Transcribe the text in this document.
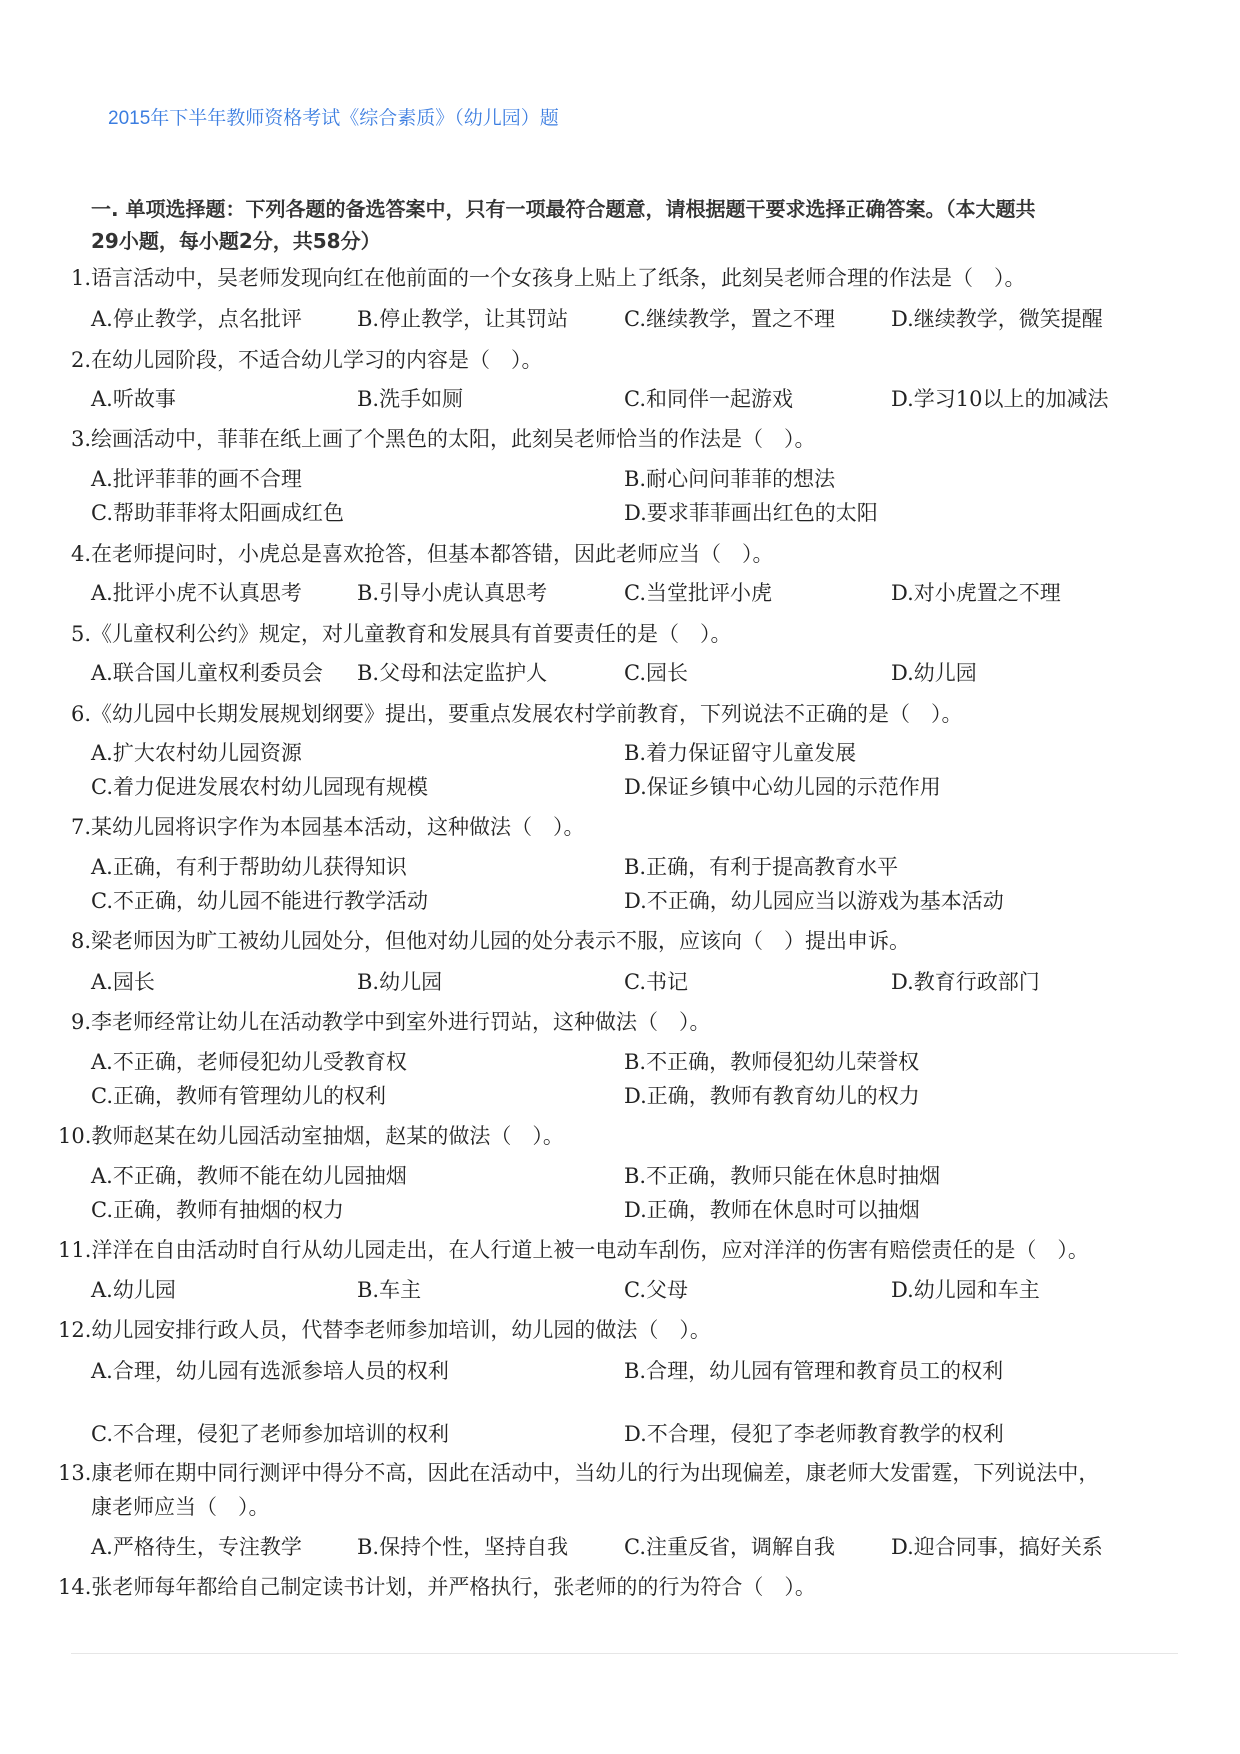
2015年下半年教师资格考试《综合素质》（幼儿园）题
一. 单项选择题：下列各题的备选答案中，只有一项最符合题意，请根据题干要求选择正确答案。（本大题共
29小题，每小题2分，共58分）
1.语言活动中，吴老师发现向红在他前面的一个女孩身上贴上了纸条，此刻吴老师合理的作法是（　）。
A.停止教学，点名批评	B.停止教学，让其罚站	C.继续教学，置之不理	D.继续教学，微笑提醒
2.在幼儿园阶段，不适合幼儿学习的内容是（　）。
A.听故事	B.洗手如厕	C.和同伴一起游戏	D.学习10以上的加减法
3.绘画活动中，菲菲在纸上画了个黑色的太阳，此刻吴老师恰当的作法是（　）。
A.批评菲菲的画不合理	B.耐心问问菲菲的想法
C.帮助菲菲将太阳画成红色	D.要求菲菲画出红色的太阳
4.在老师提问时，小虎总是喜欢抢答，但基本都答错，因此老师应当（　）。
A.批评小虎不认真思考	B.引导小虎认真思考	C.当堂批评小虎	D.对小虎置之不理
5.《儿童权利公约》规定，对儿童教育和发展具有首要责任的是（　）。
A.联合国儿童权利委员会 B.父母和法定监护人	C.园长	D.幼儿园
6.《幼儿园中长期发展规划纲要》提出，要重点发展农村学前教育，下列说法不正确的是（　）。
A.扩大农村幼儿园资源	B.着力保证留守儿童发展
C.着力促进发展农村幼儿园现有规模	D.保证乡镇中心幼儿园的示范作用
7.某幼儿园将识字作为本园基本活动，这种做法（　）。
A.正确，有利于帮助幼儿获得知识	B.正确，有利于提高教育水平
C.不正确，幼儿园不能进行教学活动	D.不正确，幼儿园应当以游戏为基本活动
8.梁老师因为旷工被幼儿园处分，但他对幼儿园的处分表示不服，应该向（　）提出申诉。
A.园长	B.幼儿园	C.书记	D.教育行政部门
9.李老师经常让幼儿在活动教学中到室外进行罚站，这种做法（　）。
A.不正确，老师侵犯幼儿受教育权	B.不正确，教师侵犯幼儿荣誉权
C.正确，教师有管理幼儿的权利	D.正确，教师有教育幼儿的权力
10.教师赵某在幼儿园活动室抽烟，赵某的做法（　）。
A.不正确，教师不能在幼儿园抽烟	B.不正确，教师只能在休息时抽烟
C.正确，教师有抽烟的权力	D.正确，教师在休息时可以抽烟
11.洋洋在自由活动时自行从幼儿园走出，在人行道上被一电动车刮伤，应对洋洋的伤害有赔偿责任的是（　）。
A.幼儿园	B.车主	C.父母	D.幼儿园和车主
12.幼儿园安排行政人员，代替李老师参加培训，幼儿园的做法（　）。
A.合理，幼儿园有选派参培人员的权利	B.合理，幼儿园有管理和教育员工的权利
C.不合理，侵犯了老师参加培训的权利	D.不合理，侵犯了李老师教育教学的权利
13.康老师在期中同行测评中得分不高，因此在活动中，当幼儿的行为出现偏差，康老师大发雷霆，下列说法中，
康老师应当（　）。
A.严格待生，专注教学	B.保持个性，坚持自我	C.注重反省，调解自我	D.迎合同事，搞好关系
14.张老师每年都给自己制定读书计划，并严格执行，张老师的的行为符合（　）。
